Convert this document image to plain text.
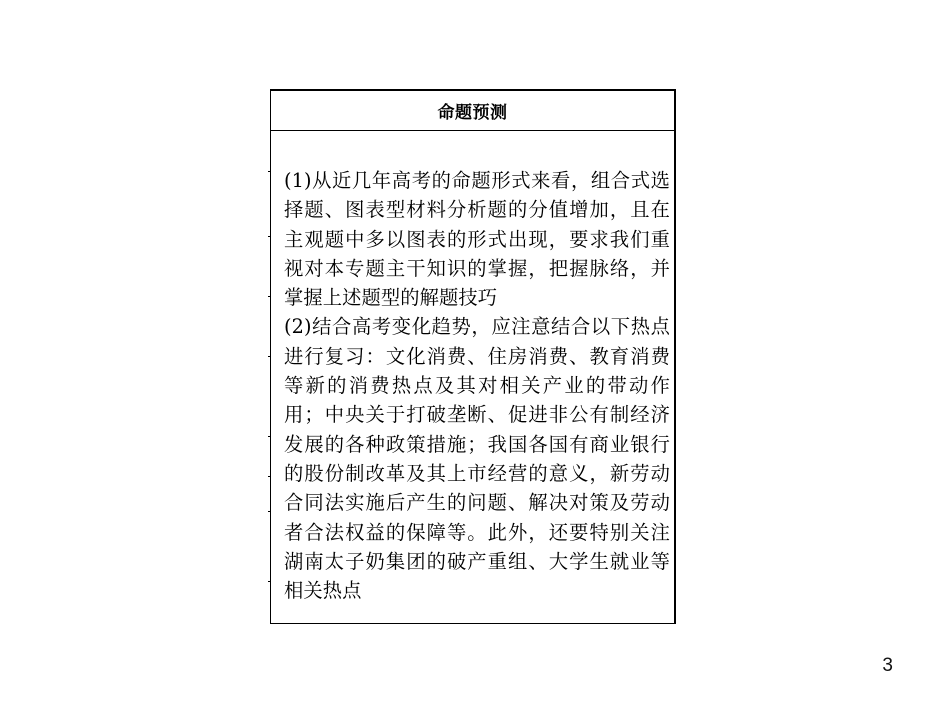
命题预测

(1)从近几年高考的命题形式来看，组合式选择题、图表型材料分析题的分值增加，且在主观题中多以图表的形式出现，要求我们重视对本专题主干知识的掌握，把握脉络，并掌握上述题型的解题技巧

(2)结合高考变化趋势，应注意结合以下热点进行复习：文化消费、住房消费、教育消费等新的消费热点及其对相关产业的带动作用；中央关于打破垄断、促进非公有制经济发展的各种政策措施；我国各国有商业银行的股份制改革及其上市经营的意义，新劳动合同法实施后产生的问题、解决对策及劳动者合法权益的保障等。此外，还要特别关注湖南太子奶集团的破产重组、大学生就业等相关热点

3
